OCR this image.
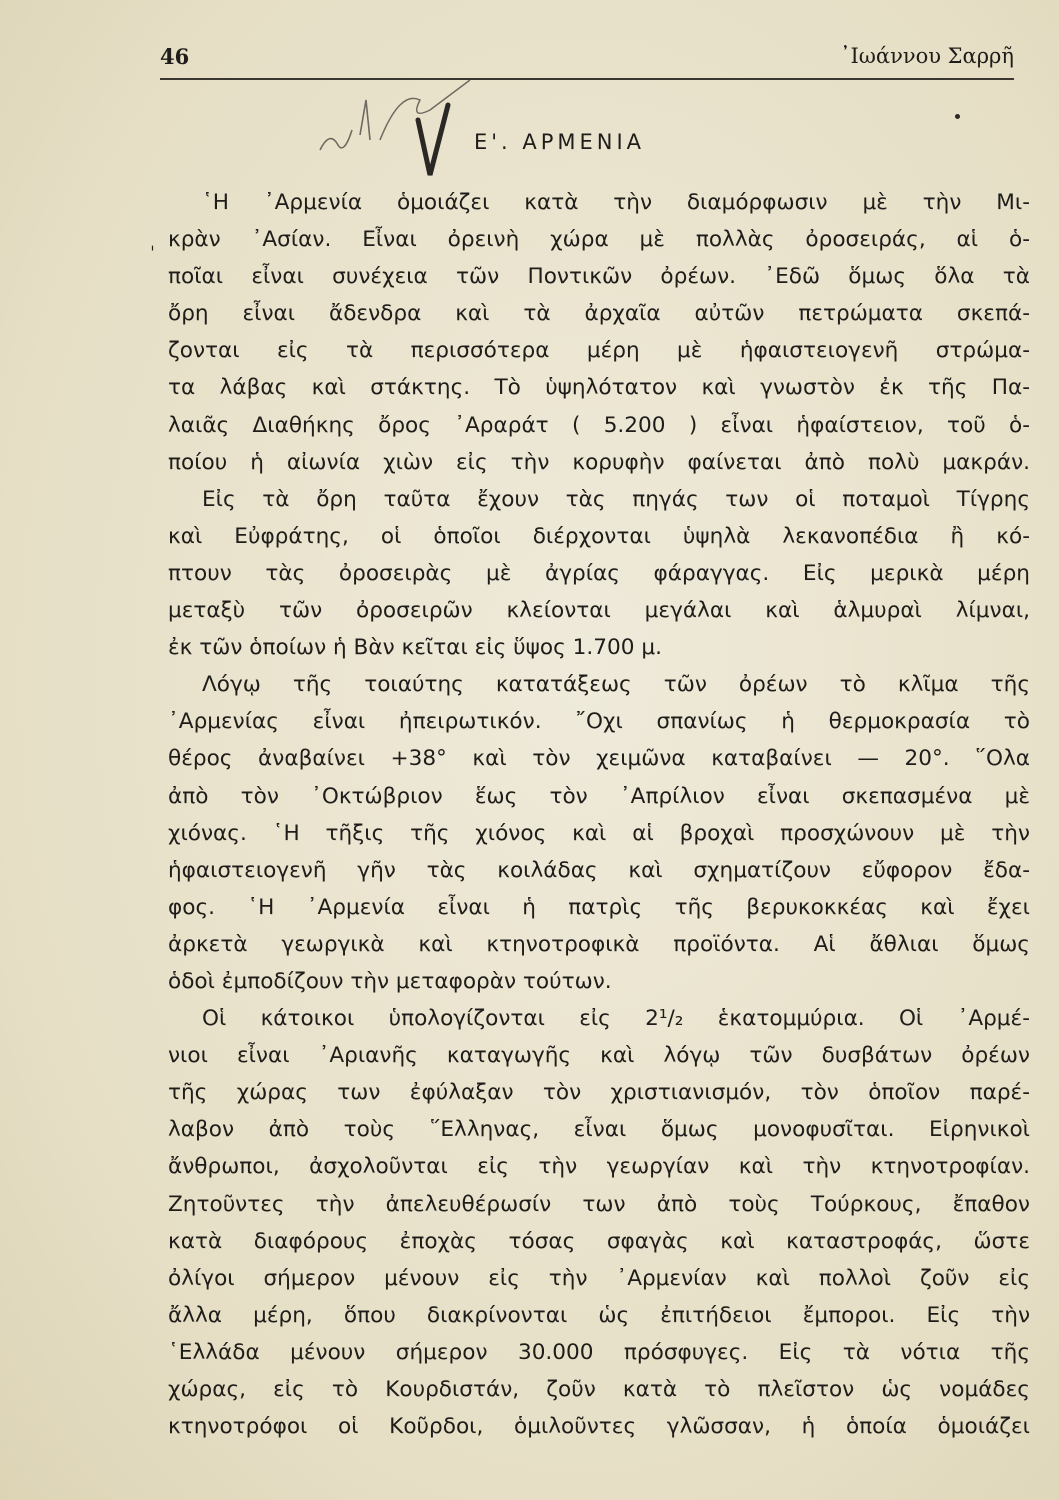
46	᾿Ιωάννου Σαρρῆ
Ε'. ΑΡΜΕΝΙΑ
ˌ
῾Η ᾿Αρμενία ὁμοιάζει κατὰ τὴν διαμόρφωσιν μὲ τὴν Μι-
κρὰν ᾿Ασίαν. Εἶναι ὀρεινὴ χώρα μὲ πολλὰς ὀροσειράς, αἱ ὁ-
ποῖαι εἶναι συνέχεια τῶν Ποντικῶν ὀρέων. ᾿Εδῶ ὅμως ὅλα τὰ
ὄρη εἶναι ἄδενδρα καὶ τὰ ἀρχαῖα αὐτῶν πετρώματα σκεπά-
ζονται εἰς τὰ περισσότερα μέρη μὲ ἡφαιστειογενῆ στρώμα-
τα λάβας καὶ στάκτης. Τὸ ὑψηλότατον καὶ γνωστὸν ἐκ τῆς Πα-
λαιᾶς Διαθήκης ὄρος ᾿Αραράτ ( 5.200 ) εἶναι ἡφαίστειον, τοῦ ὁ-
ποίου ἡ αἰωνία χιὼν εἰς τὴν κορυφὴν φαίνεται ἀπὸ πολὺ μακράν.
Εἰς τὰ ὄρη ταῦτα ἔχουν τὰς πηγάς των οἱ ποταμοὶ Τίγρης
καὶ Εὐφράτης, οἱ ὁποῖοι διέρχονται ὑψηλὰ λεκανοπέδια ἢ κό-
πτουν τὰς ὀροσειρὰς μὲ ἀγρίας φάραγγας. Εἰς μερικὰ μέρη
μεταξὺ τῶν ὀροσειρῶν κλείονται μεγάλαι καὶ ἁλμυραὶ λίμναι,
ἐκ τῶν ὁποίων ἡ Βὰν κεῖται εἰς ὕψος 1.700 μ.
Λόγῳ τῆς τοιαύτης κατατάξεως τῶν ὀρέων τὸ κλῖμα τῆς
᾿Αρμενίας εἶναι ἠπειρωτικόν. ῎Οχι σπανίως ἡ θερμοκρασία τὸ
θέρος ἀναβαίνει +38° καὶ τὸν χειμῶνα καταβαίνει — 20°. ῞Ολα
ἀπὸ τὸν ᾿Οκτώβριον ἕως τὸν ᾿Απρίλιον εἶναι σκεπασμένα μὲ
χιόνας. ῾Η τῆξις τῆς χιόνος καὶ αἱ βροχαὶ προσχώνουν μὲ τὴν
ἡφαιστειογενῆ γῆν τὰς κοιλάδας καὶ σχηματίζουν εὔφορον ἔδα-
φος. ῾Η ᾿Αρμενία εἶναι ἡ πατρὶς τῆς βερυκοκκέας καὶ ἔχει
ἀρκετὰ γεωργικὰ καὶ κτηνοτροφικὰ προϊόντα. Αἱ ἄθλιαι ὅμως
ὁδοὶ ἐμποδίζουν τὴν μεταφορὰν τούτων.
Οἱ κάτοικοι ὑπολογίζονται εἰς 2¹/₂ ἑκατομμύρια. Οἱ ᾿Αρμέ-
νιοι εἶναι ᾿Αριανῆς καταγωγῆς καὶ λόγῳ τῶν δυσβάτων ὀρέων
τῆς χώρας των ἐφύλαξαν τὸν χριστιανισμόν, τὸν ὁποῖον παρέ-
λαβον ἀπὸ τοὺς ῞Ελληνας, εἶναι ὅμως μονοφυσῖται. Εἰρηνικοὶ
ἄνθρωποι, ἀσχολοῦνται εἰς τὴν γεωργίαν καὶ τὴν κτηνοτροφίαν.
Ζητοῦντες τὴν ἀπελευθέρωσίν των ἀπὸ τοὺς Τούρκους, ἔπαθον
κατὰ διαφόρους ἐποχὰς τόσας σφαγὰς καὶ καταστροφάς, ὥστε
ὀλίγοι σήμερον μένουν εἰς τὴν ᾿Αρμενίαν καὶ πολλοὶ ζοῦν εἰς
ἄλλα μέρη, ὅπου διακρίνονται ὡς ἐπιτήδειοι ἔμποροι. Εἰς τὴν
῾Ελλάδα μένουν σήμερον 30.000 πρόσφυγες. Εἰς τὰ νότια τῆς
χώρας, εἰς τὸ Κουρδιστάν, ζοῦν κατὰ τὸ πλεῖστον ὡς νομάδες
κτηνοτρόφοι οἱ Κοῦρδοι, ὁμιλοῦντες γλῶσσαν, ἡ ὁποία ὁμοιάζει
